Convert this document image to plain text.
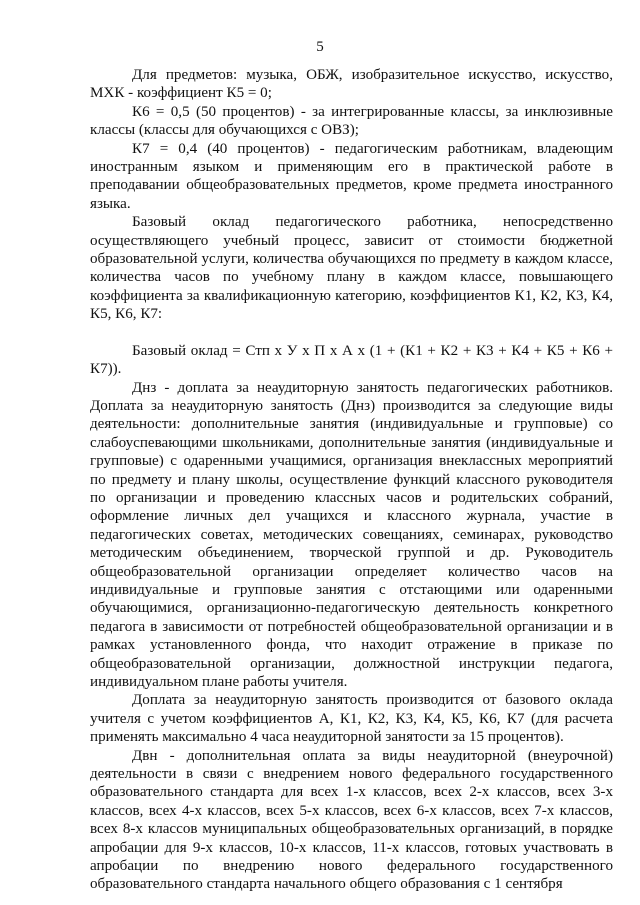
5

Для предметов: музыка, ОБЖ, изобразительное искусство, искусство, МХК - коэффициент К5 = 0;

К6 = 0,5 (50 процентов) - за интегрированные классы, за инклюзивные классы (классы для обучающихся с ОВЗ);

К7 = 0,4 (40 процентов) - педагогическим работникам, владеющим иностранным языком и применяющим его в практической работе в преподавании общеобразовательных предметов, кроме предмета иностранного языка.

Базовый оклад педагогического работника, непосредственно осуществляющего учебный процесс, зависит от стоимости бюджетной образовательной услуги, количества обучающихся по предмету в каждом классе, количества часов по учебному плану в каждом классе, повышающего коэффициента за квалификационную категорию, коэффициентов К1, К2, К3, К4, К5, К6, К7:

Базовый оклад = Стп х У х П х А х (1 + (К1 + К2 + К3 + К4 + К5 + К6 + К7)).

Днз - доплата за неаудиторную занятость педагогических работников. Доплата за неаудиторную занятость (Днз) производится за следующие виды деятельности: дополнительные занятия (индивидуальные и групповые) со слабоуспевающими школьниками, дополнительные занятия (индивидуальные и групповые) с одаренными учащимися, организация внеклассных мероприятий по предмету и плану школы, осуществление функций классного руководителя по организации и проведению классных часов и родительских собраний, оформление личных дел учащихся и классного журнала, участие в педагогических советах, методических совещаниях, семинарах, руководство методическим объединением, творческой группой и др. Руководитель общеобразовательной организации определяет количество часов на индивидуальные и групповые занятия с отстающими или одаренными обучающимися, организационно-педагогическую деятельность конкретного педагога в зависимости от потребностей общеобразовательной организации и в рамках установленного фонда, что находит отражение в приказе по общеобразовательной организации, должностной инструкции педагога, индивидуальном плане работы учителя.

Доплата за неаудиторную занятость производится от базового оклада учителя с учетом коэффициентов А, К1, К2, К3, К4, К5, К6, К7 (для расчета применять максимально 4 часа неаудиторной занятости за 15 процентов).

Двн - дополнительная оплата за виды неаудиторной (внеурочной) деятельности в связи с внедрением нового федерального государственного образовательного стандарта для всех 1-х классов, всех 2-х классов, всех 3-х классов, всех 4-х классов, всех 5-х классов, всех 6-х классов, всех 7-х классов, всех 8-х классов муниципальных общеобразовательных организаций, в порядке апробации для 9-х классов, 10-х классов, 11-х классов, готовых участвовать в апробации по внедрению нового федерального государственного образовательного стандарта начального общего образования с 1 сентября
